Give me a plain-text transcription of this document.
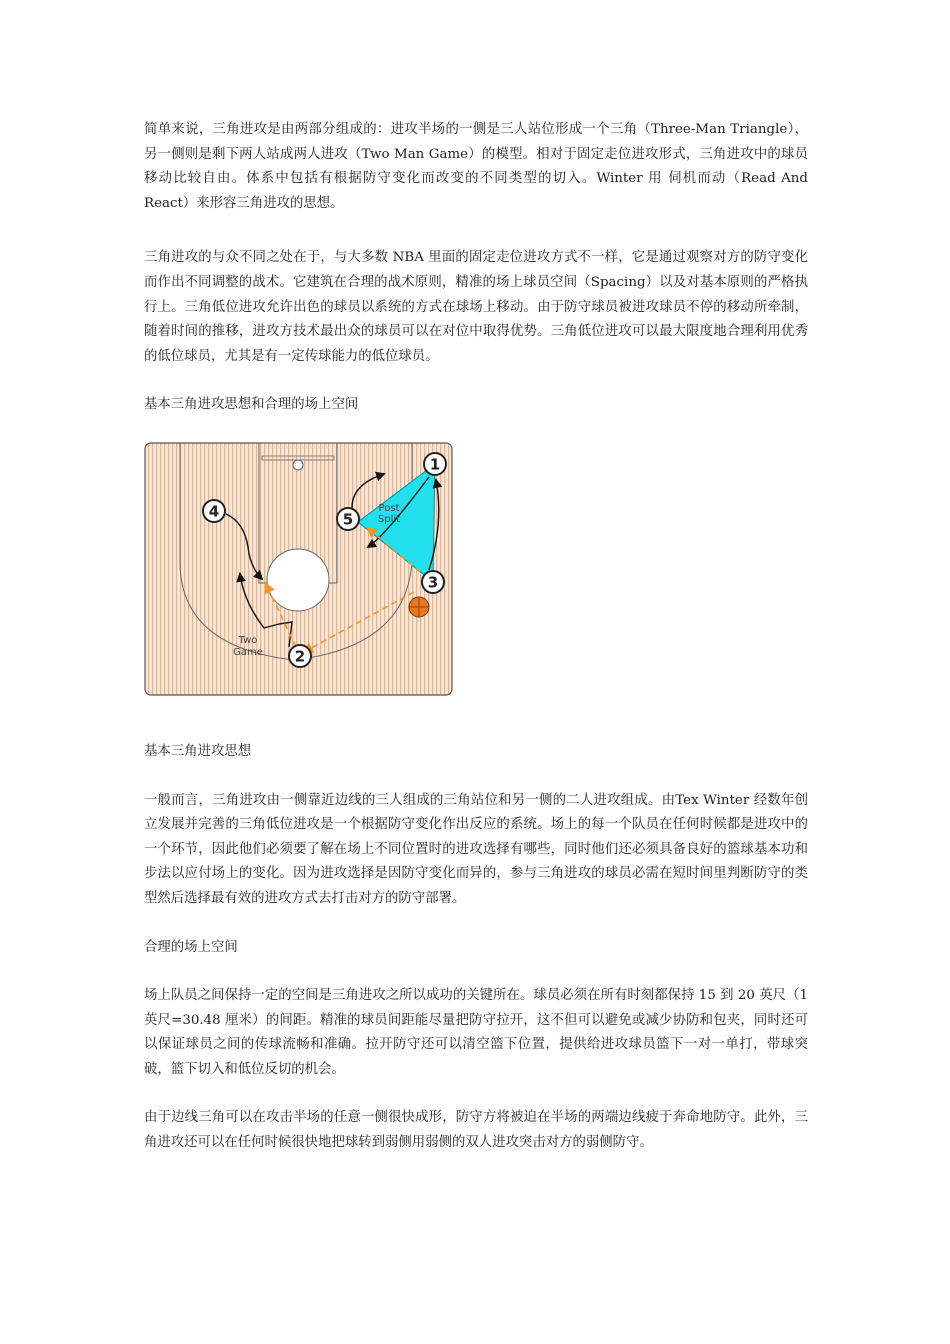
简单来说，三角进攻是由两部分组成的：进攻半场的一侧是三人站位形成一个三角（Three-Man Triangle），另一侧则是剩下两人站成两人进攻（Two Man Game）的模型。相对于固定走位进攻形式，三角进攻中的球员移动比较自由。体系中包括有根据防守变化而改变的不同类型的切入。Winter 用 伺机而动（Read And React）来形容三角进攻的思想。

三角进攻的与众不同之处在于，与大多数 NBA 里面的固定走位进攻方式不一样，它是通过观察对方的防守变化而作出不同调整的战术。它建筑在合理的战术原则，精准的场上球员空间（Spacing）以及对基本原则的严格执行上。三角低位进攻允许出色的球员以系统的方式在球场上移动。由于防守球员被进攻球员不停的移动所牵制，随着时间的推移，进攻方技术最出众的球员可以在对位中取得优势。三角低位进攻可以最大限度地合理利用优秀的低位球员，尤其是有一定传球能力的低位球员。

基本三角进攻思想和合理的场上空间

1
2
3
4	5
Post
Split
Two
Game

基本三角进攻思想

一般而言，三角进攻由一侧靠近边线的三人组成的三角站位和另一侧的二人进攻组成。由Tex Winter 经数年创立发展并完善的三角低位进攻是一个根据防守变化作出反应的系统。场上的每一个队员在任何时候都是进攻中的一个环节，因此他们必须要了解在场上不同位置时的进攻选择有哪些，同时他们还必须具备良好的篮球基本功和步法以应付场上的变化。因为进攻选择是因防守变化而异的，参与三角进攻的球员必需在短时间里判断防守的类型然后选择最有效的进攻方式去打击对方的防守部署。

合理的场上空间

场上队员之间保持一定的空间是三角进攻之所以成功的关键所在。球员必须在所有时刻都保持 15 到 20 英尺（1 英尺=30.48 厘米）的间距。精准的球员间距能尽量把防守拉开，这不但可以避免或减少协防和包夹，同时还可以保证球员之间的传球流畅和准确。拉开防守还可以清空篮下位置，提供给进攻球员篮下一对一单打，带球突破，篮下切入和低位反切的机会。

由于边线三角可以在攻击半场的任意一侧很快成形，防守方将被迫在半场的两端边线疲于奔命地防守。此外，三角进攻还可以在任何时候很快地把球转到弱侧用弱侧的双人进攻突击对方的弱侧防守。
